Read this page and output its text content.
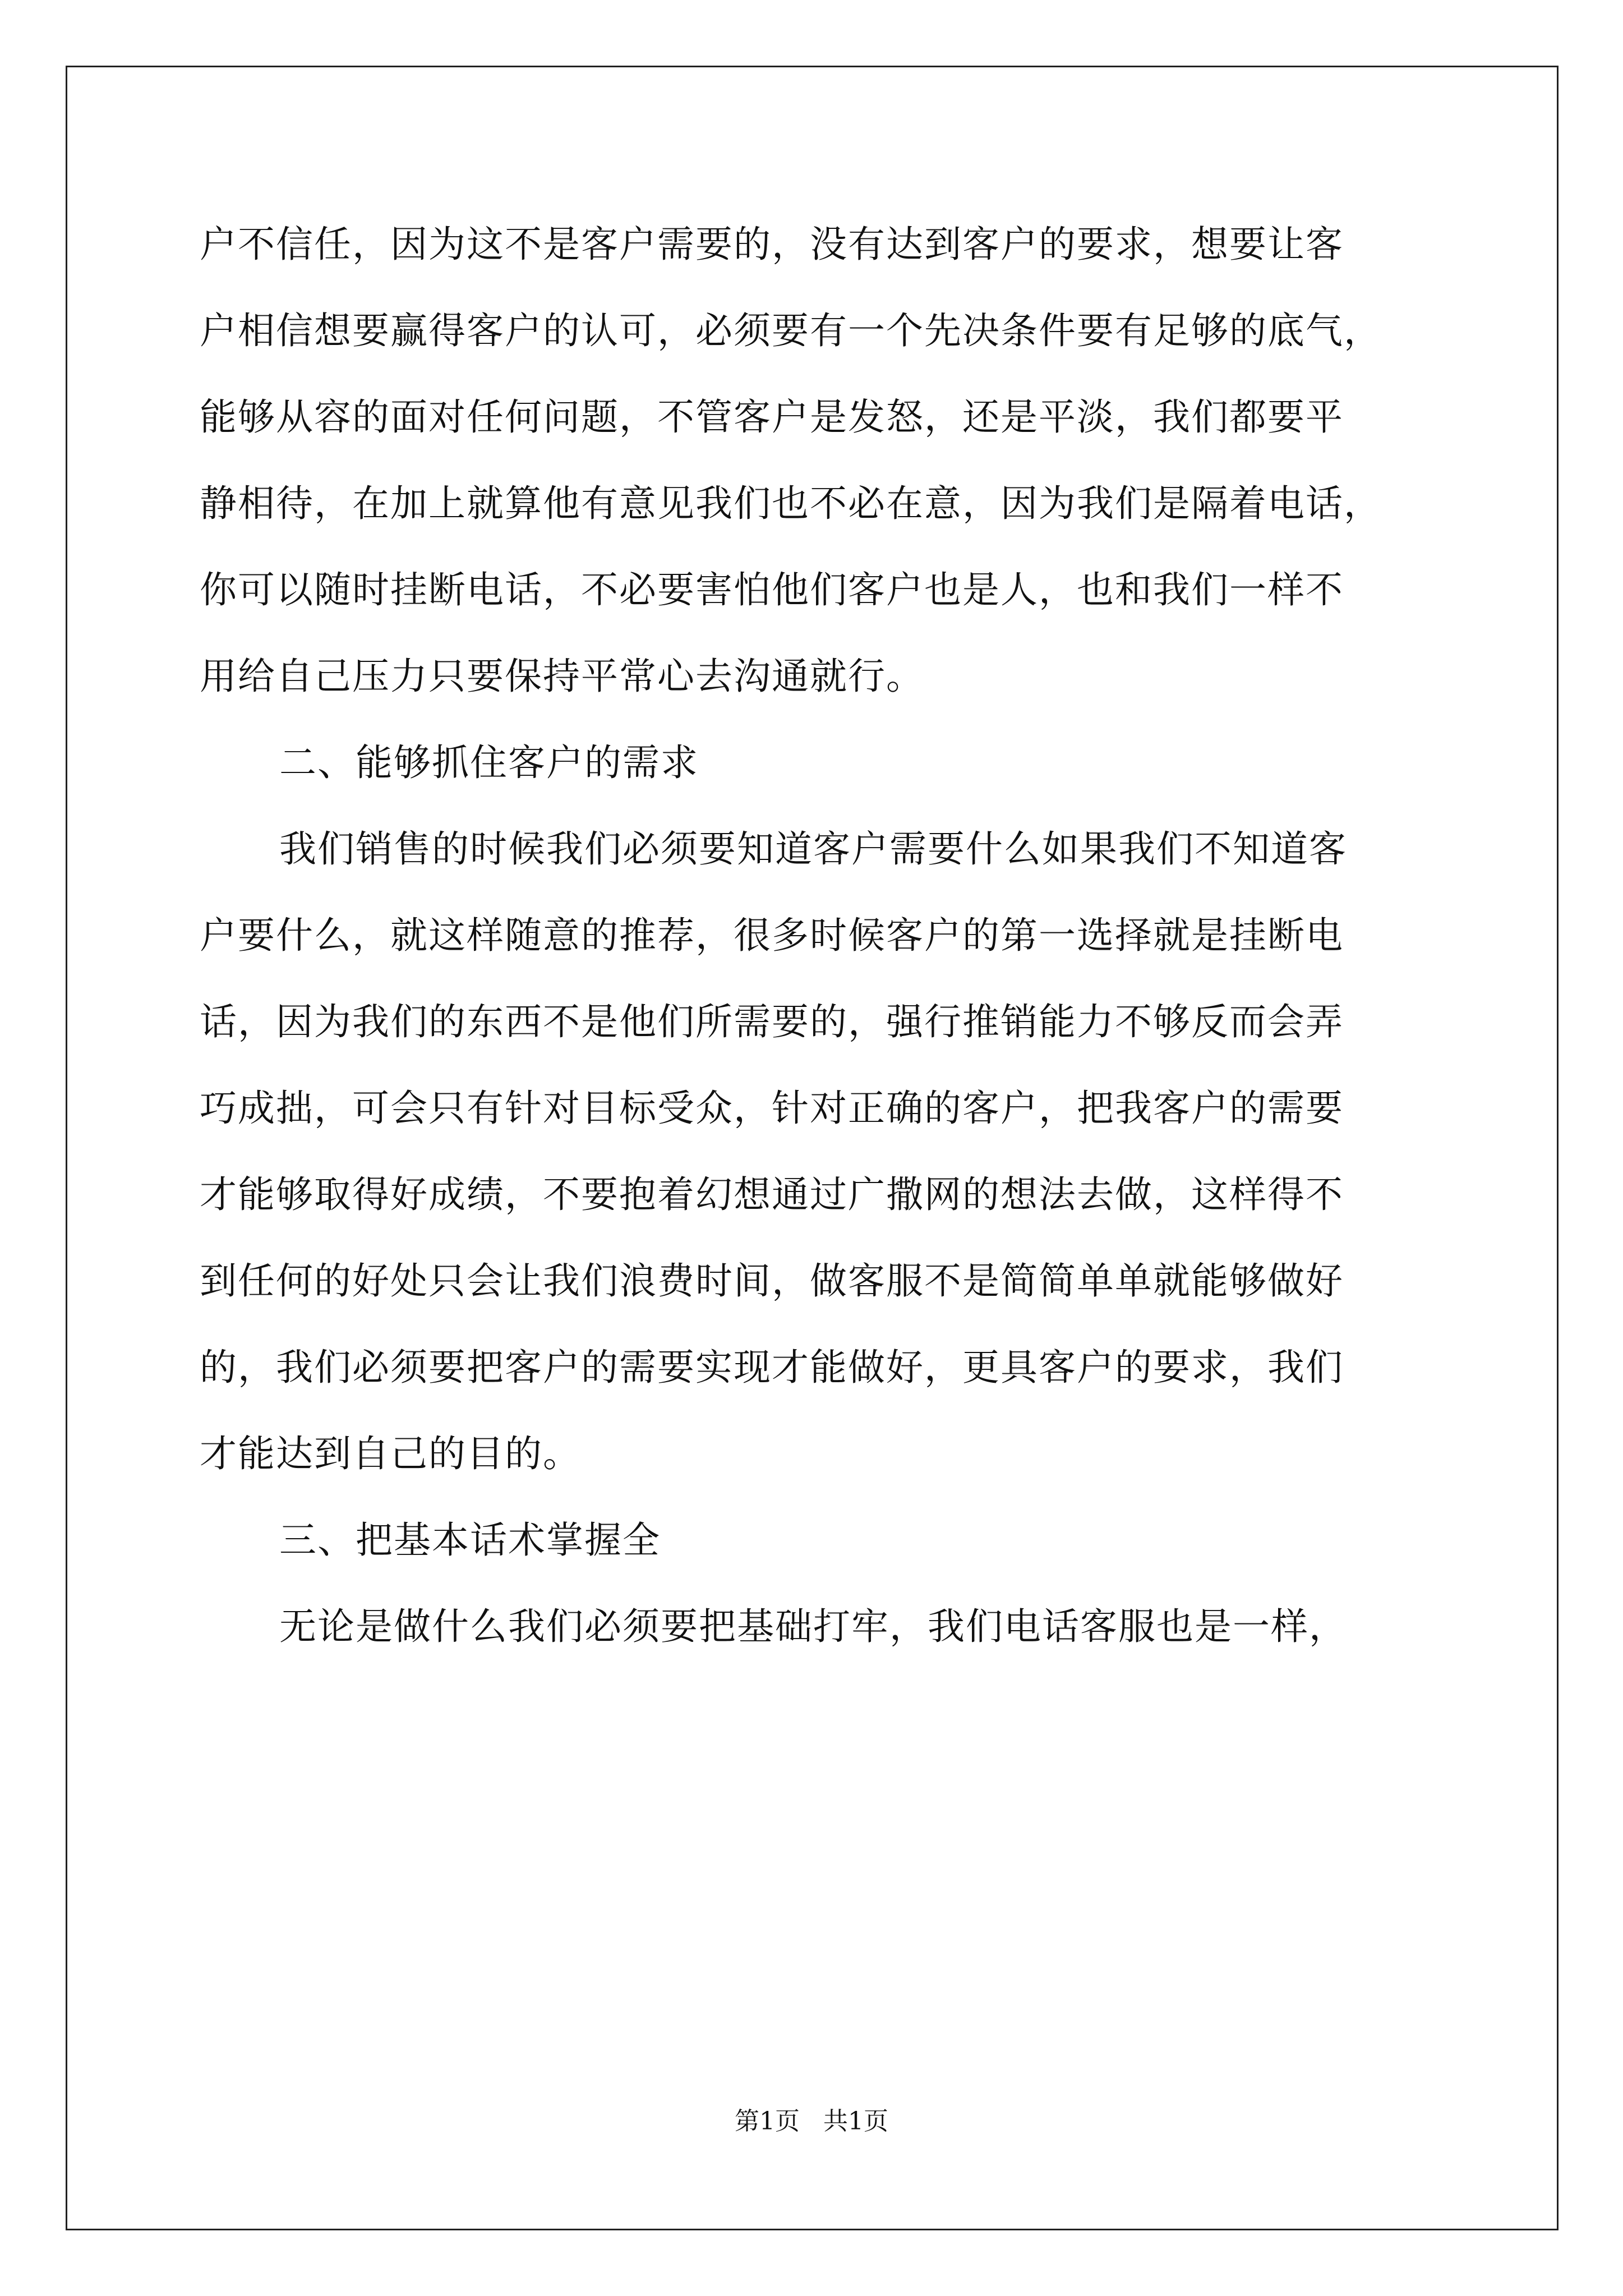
户不信任，因为这不是客户需要的，没有达到客户的要求，想要让客
户相信想要赢得客户的认可，必须要有一个先决条件要有足够的底气，
能够从容的面对任何问题，不管客户是发怒，还是平淡，我们都要平
静相待，在加上就算他有意见我们也不必在意，因为我们是隔着电话，
你可以随时挂断电话，不必要害怕他们客户也是人，也和我们一样不
用给自己压力只要保持平常心去沟通就行。
二、能够抓住客户的需求
我们销售的时候我们必须要知道客户需要什么如果我们不知道客
户要什么，就这样随意的推荐，很多时候客户的第一选择就是挂断电
话，因为我们的东西不是他们所需要的，强行推销能力不够反而会弄
巧成拙，可会只有针对目标受众，针对正确的客户，把我客户的需要
才能够取得好成绩，不要抱着幻想通过广撒网的想法去做，这样得不
到任何的好处只会让我们浪费时间，做客服不是简简单单就能够做好
的，我们必须要把客户的需要实现才能做好，更具客户的要求，我们
才能达到自己的目的。
三、把基本话术掌握全
无论是做什么我们必须要把基础打牢，我们电话客服也是一样，
第1页   共1页
